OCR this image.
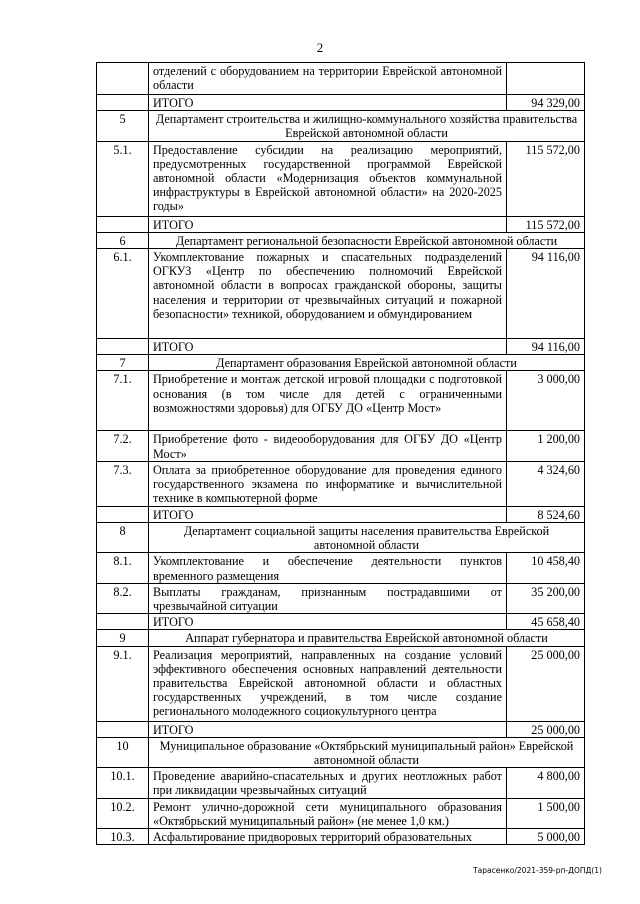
2
	отделений с оборудованием на территории Еврейской автономной области	
	ИТОГО	94 329,00
5	Департамент строительства и жилищно-коммунального хозяйства правительства Еврейской автономной области	
5.1.	Предоставление субсидии на реализацию мероприятий, предусмотренных государственной программой Еврейской автономной области «Модернизация объектов коммунальной инфраструктуры в Еврейской автономной области» на 2020-2025 годы»	115 572,00
	ИТОГО	115 572,00
6	Департамент региональной безопасности Еврейской автономной области	
6.1.	Укомплектование пожарных и спасательных подразделений ОГКУЗ «Центр по обеспечению полномочий Еврейской автономной области в вопросах гражданской обороны, защиты населения и территории от чрезвычайных ситуаций и пожарной безопасности» техникой, оборудованием и обмундированием	94 116,00
	ИТОГО	94 116,00
7	Департамент образования Еврейской автономной области	
7.1.	Приобретение и монтаж детской игровой площадки с подготовкой основания (в том числе для детей с ограниченными возможностями здоровья) для ОГБУ ДО «Центр Мост»	3 000,00
7.2.	Приобретение фото - видеооборудования для ОГБУ ДО «Центр Мост»	1 200,00
7.3.	Оплата за приобретенное оборудование для проведения единого государственного экзамена по информатике и вычислительной технике в компьютерной форме	4 324,60
	ИТОГО	8 524,60
8	Департамент социальной защиты населения правительства Еврейской автономной области	
8.1.	Укомплектование и обеспечение деятельности пунктов временного размещения	10 458,40
8.2.	Выплаты гражданам, признанным пострадавшими от чрезвычайной ситуации	35 200,00
	ИТОГО	45 658,40
9	Аппарат губернатора и правительства Еврейской автономной области	
9.1.	Реализация мероприятий, направленных на создание условий эффективного обеспечения основных направлений деятельности правительства Еврейской автономной области и областных государственных учреждений, в том числе создание регионального молодежного социокультурного центра	25 000,00
	ИТОГО	25 000,00
10	Муниципальное образование «Октябрьский муниципальный район» Еврейской автономной области	
10.1.	Проведение аварийно-спасательных и других неотложных работ при ликвидации чрезвычайных ситуаций	4 800,00
10.2.	Ремонт улично-дорожной сети муниципального образования «Октябрьский муниципальный район» (не менее 1,0 км.)	1 500,00
10.3.	Асфальтирование придворовых территорий образовательных	5 000,00
Тарасенко/2021-359-рп-ДОПД(1)
